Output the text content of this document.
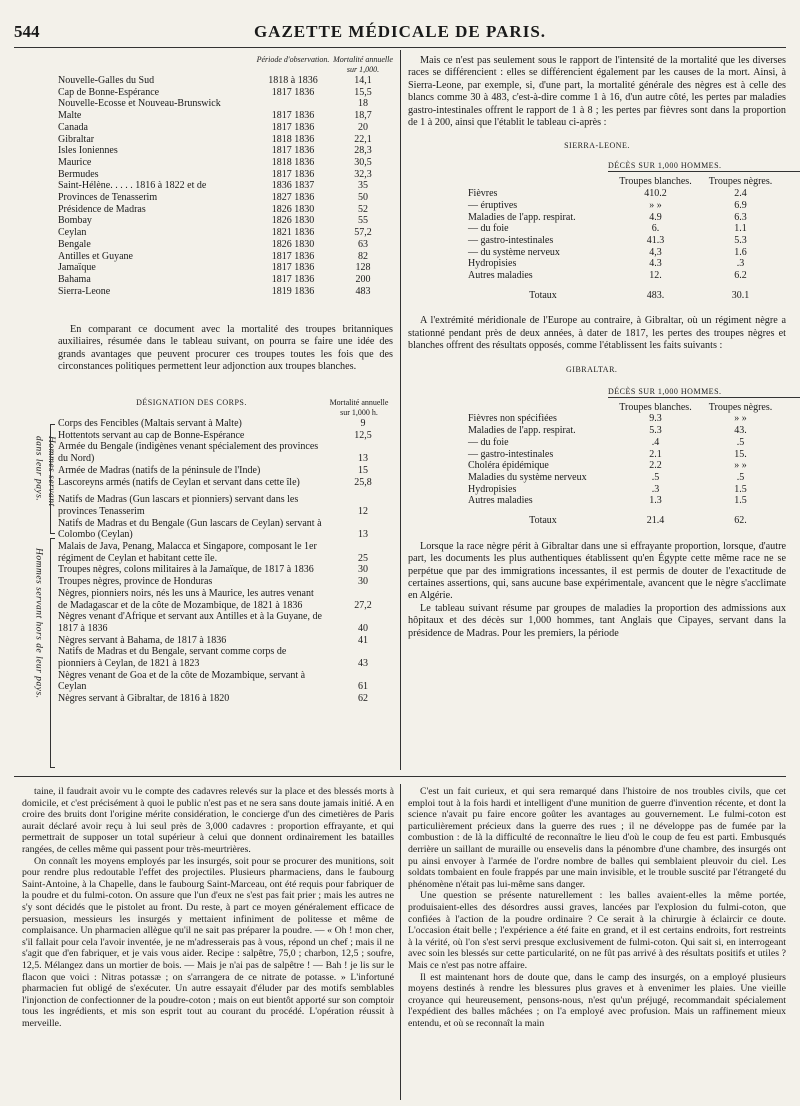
544	GAZETTE MÉDICALE DE PARIS.
	Période d'observation.	Mortalité annuelle sur 1,000.
Nouvelle-Galles du Sud	1818 à 1836	14,1
Cap de Bonne-Espérance	1817 1836	15,5
Nouvelle-Ecosse et Nouveau-Brunswick		18
Malte	1817 1836	18,7
Canada	1817 1836	20
Gibraltar	1818 1836	22,1
Isles Ioniennes	1817 1836	28,3
Maurice	1818 1836	30,5
Bermudes	1817 1836	32,3
Saint-Hélène. . . . . 1816 à 1822 et de	1836 1837	35
Provinces de Tenasserim	1827 1836	50
Présidence de Madras	1826 1830	52
Bombay	1826 1830	55
Ceylan	1821 1836	57,2
Bengale	1826 1830	63
Antilles et Guyane	1817 1836	82
Jamaïque	1817 1836	128
Bahama	1817 1836	200
Sierra-Leone	1819 1836	483

En comparant ce document avec la mortalité des troupes britanniques auxiliaires, résumée dans le tableau suivant, on pourra se faire une idée des grands avantages que peuvent procurer ces troupes toutes les fois que des circonstances politiques permettent leur adjonction aux troupes blanches.

	DÉSIGNATION DES CORPS.	Mortalité annuelle sur 1,000 h.
Hommes servant dans leur pays.
Hommes servant hors de leur pays.
Corps des Fencibles (Maltais servant à Malte)	9
Hottentots servant au cap de Bonne-Espérance	12,5
Armée du Bengale (indigènes venant spécialement des provinces du Nord)	13
Armée de Madras (natifs de la péninsule de l'Inde)	15
Lascoreyns armés (natifs de Ceylan et servant dans cette île)	25,8
Natifs de Madras (Gun lascars et pionniers) servant dans les provinces Tenasserim	12
Natifs de Madras et du Bengale (Gun lascars de Ceylan) servant à Colombo (Ceylan)	13
Malais de Java, Penang, Malacca et Singapore, composant le 1er régiment de Ceylan et habitant cette île.	25
Troupes nègres, colons militaires à la Jamaïque, de 1817 à 1836	30
Troupes nègres, province de Honduras	30
Nègres, pionniers noirs, nés les uns à Maurice, les autres venant de Madagascar et de la côte de Mozambique, de 1821 à 1836	27,2
Nègres venant d'Afrique et servant aux Antilles et à la Guyane, de 1817 à 1836	40
Nègres servant à Bahama, de 1817 à 1836	41
Natifs de Madras et du Bengale, servant comme corps de pionniers à Ceylan, de 1821 à 1823	43
Nègres venant de Goa et de la côte de Mozambique, servant à Ceylan	61
Nègres servant à Gibraltar, de 1816 à 1820	62

Mais ce n'est pas seulement sous le rapport de l'intensité de la mortalité que les diverses races se différencient : elles se différencient également par les causes de la mort. Ainsi, à Sierra-Leone, par exemple, si, d'une part, la mortalité générale des nègres est à celle des blancs comme 30 à 483, c'est-à-dire comme 1 à 16, d'un autre côté, les pertes par maladies gastro-intestinales offrent le rapport de 1 à 8 ; les pertes par fièvres sont dans la proportion de 1 à 200, ainsi que l'établit le tableau ci-après :

SIERRA-LEONE.
DÉCÈS SUR 1,000 HOMMES.
	Troupes blanches.	Troupes nègres.
Fièvres	410.2	2.4
— éruptives	» »	6.9
Maladies de l'app. respirat.	4.9	6.3
— du foie	6.	1.1
— gastro-intestinales	41.3	5.3
— du système nerveux	4,3	1.6
Hydropisies	4.3	.3
Autres maladies	12.	6.2

Totaux	483.	30.1

A l'extrémité méridionale de l'Europe au contraire, à Gibraltar, où un régiment nègre a stationné pendant près de deux années, à dater de 1817, les pertes des troupes nègres et blanches offrent des résultats opposés, comme l'établissent les faits suivants :

GIBRALTAR.
DÉCÈS SUR 1,000 HOMMES.
	Troupes blanches.	Troupes nègres.
Fièvres non spécifiées	9.3	» »
Maladies de l'app. respirat.	5.3	43.
— du foie	.4	.5
— gastro-intestinales	2.1	15.
Choléra épidémique	2.2	» »
Maladies du système nerveux	.5	.5
Hydropisies	.3	1.5
Autres maladies	1.3	1.5

Totaux	21.4	62.

Lorsque la race nègre périt à Gibraltar dans une si effrayante proportion, lorsque, d'autre part, les documents les plus authentiques établissent qu'en Égypte cette même race ne se perpétue que par des immigrations incessantes, il est permis de douter de l'exactitude de certaines assertions, qui, sans aucune base expérimentale, avancent que le nègre s'acclimate en Algérie.

Le tableau suivant résume par groupes de maladies la proportion des admissions aux hôpitaux et des décès sur 1,000 hommes, tant Anglais que Cipayes, servant dans la présidence de Madras. Pour les premiers, la période

taine, il faudrait avoir vu le compte des cadavres relevés sur la place et des blessés morts à domicile, et c'est précisément à quoi le public n'est pas et ne sera sans doute jamais initié. A en croire des bruits dont l'origine mérite considération, le concierge d'un des cimetières de Paris aurait déclaré avoir reçu à lui seul près de 3,000 cadavres : proportion effrayante, et qui permettrait de supposer un total supérieur à celui que donnent ordinairement les batailles rangées, de celles même qui passent pour très-meurtrières.

On connaît les moyens employés par les insurgés, soit pour se procurer des munitions, soit pour rendre plus redoutable l'effet des projectiles. Plusieurs pharmaciens, dans le faubourg Saint-Antoine, à la Chapelle, dans le faubourg Saint-Marceau, ont été requis pour fabriquer de la poudre et du fulmi-coton. On assure que l'un d'eux ne s'est pas fait prier ; mais les autres ne s'y sont décidés que le pistolet au front. Du reste, à part ce moyen généralement efficace de persuasion, messieurs les insurgés y mettaient infiniment de politesse et même de complaisance. Un pharmacien allègue qu'il ne sait pas préparer la poudre. — « Oh ! mon cher, s'il fallait pour cela l'avoir inventée, je ne m'adresserais pas à vous, répond un chef ; mais il ne s'agit que d'en fabriquer, et je vais vous aider. Recipe : salpêtre, 75,0 ; charbon, 12,5 ; soufre, 12,5. Mélangez dans un mortier de bois. — Mais je n'ai pas de salpêtre ! — Bah ! je lis sur le flacon que voici : Nitras potassæ ; on s'arrangera de ce nitrate de potasse. » L'infortuné pharmacien fut obligé de s'exécuter. Un autre essayait d'éluder par des motifs semblables l'injonction de confectionner de la poudre-coton ; mais on eut bientôt apporté sur son comptoir tous les ingrédients, et mis son esprit tout au courant du procédé. L'opération réussit à merveille.

C'est un fait curieux, et qui sera remarqué dans l'histoire de nos troubles civils, que cet emploi tout à la fois hardi et intelligent d'une munition de guerre d'invention récente, et dont la science n'avait pu faire encore goûter les avantages au gouvernement. Le fulmi-coton est particulièrement précieux dans la guerre des rues ; il ne développe pas de fumée par la combustion : de là la difficulté de reconnaître le lieu d'où le coup de feu est parti. Embusqués derrière un saillant de muraille ou ensevelis dans la pénombre d'une chambre, des insurgés ont pu ainsi envoyer à l'armée de l'ordre nombre de balles qui semblaient pleuvoir du ciel. Les soldats tombaient en foule frappés par une main invisible, et le trouble suscité par l'étrangeté du phénomène n'était pas lui-même sans danger.

Une question se présente naturellement : les balles avaient-elles la même portée, produisaient-elles des désordres aussi graves, lancées par l'explosion du fulmi-coton, que confiées à l'action de la poudre ordinaire ? Ce serait à la chirurgie à éclaircir ce doute. L'occasion était belle ; l'expérience a été faite en grand, et il est certains endroits, fort restreints à la vérité, où l'on s'est servi presque exclusivement de fulmi-coton. Qui sait si, en interrogeant avec soin les blessés sur cette particularité, on ne fût pas arrivé à des résultats positifs et utiles ? Mais ce n'est pas notre affaire.

Il est maintenant hors de doute que, dans le camp des insurgés, on a employé plusieurs moyens destinés à rendre les blessures plus graves et à envenimer les plaies. Une vieille croyance qui heureusement, pensons-nous, n'est qu'un préjugé, recommandait spécialement l'expédient des balles mâchées ; on l'a employé avec profusion. Mais un raffinement mieux entendu, et où se reconnaît la main
